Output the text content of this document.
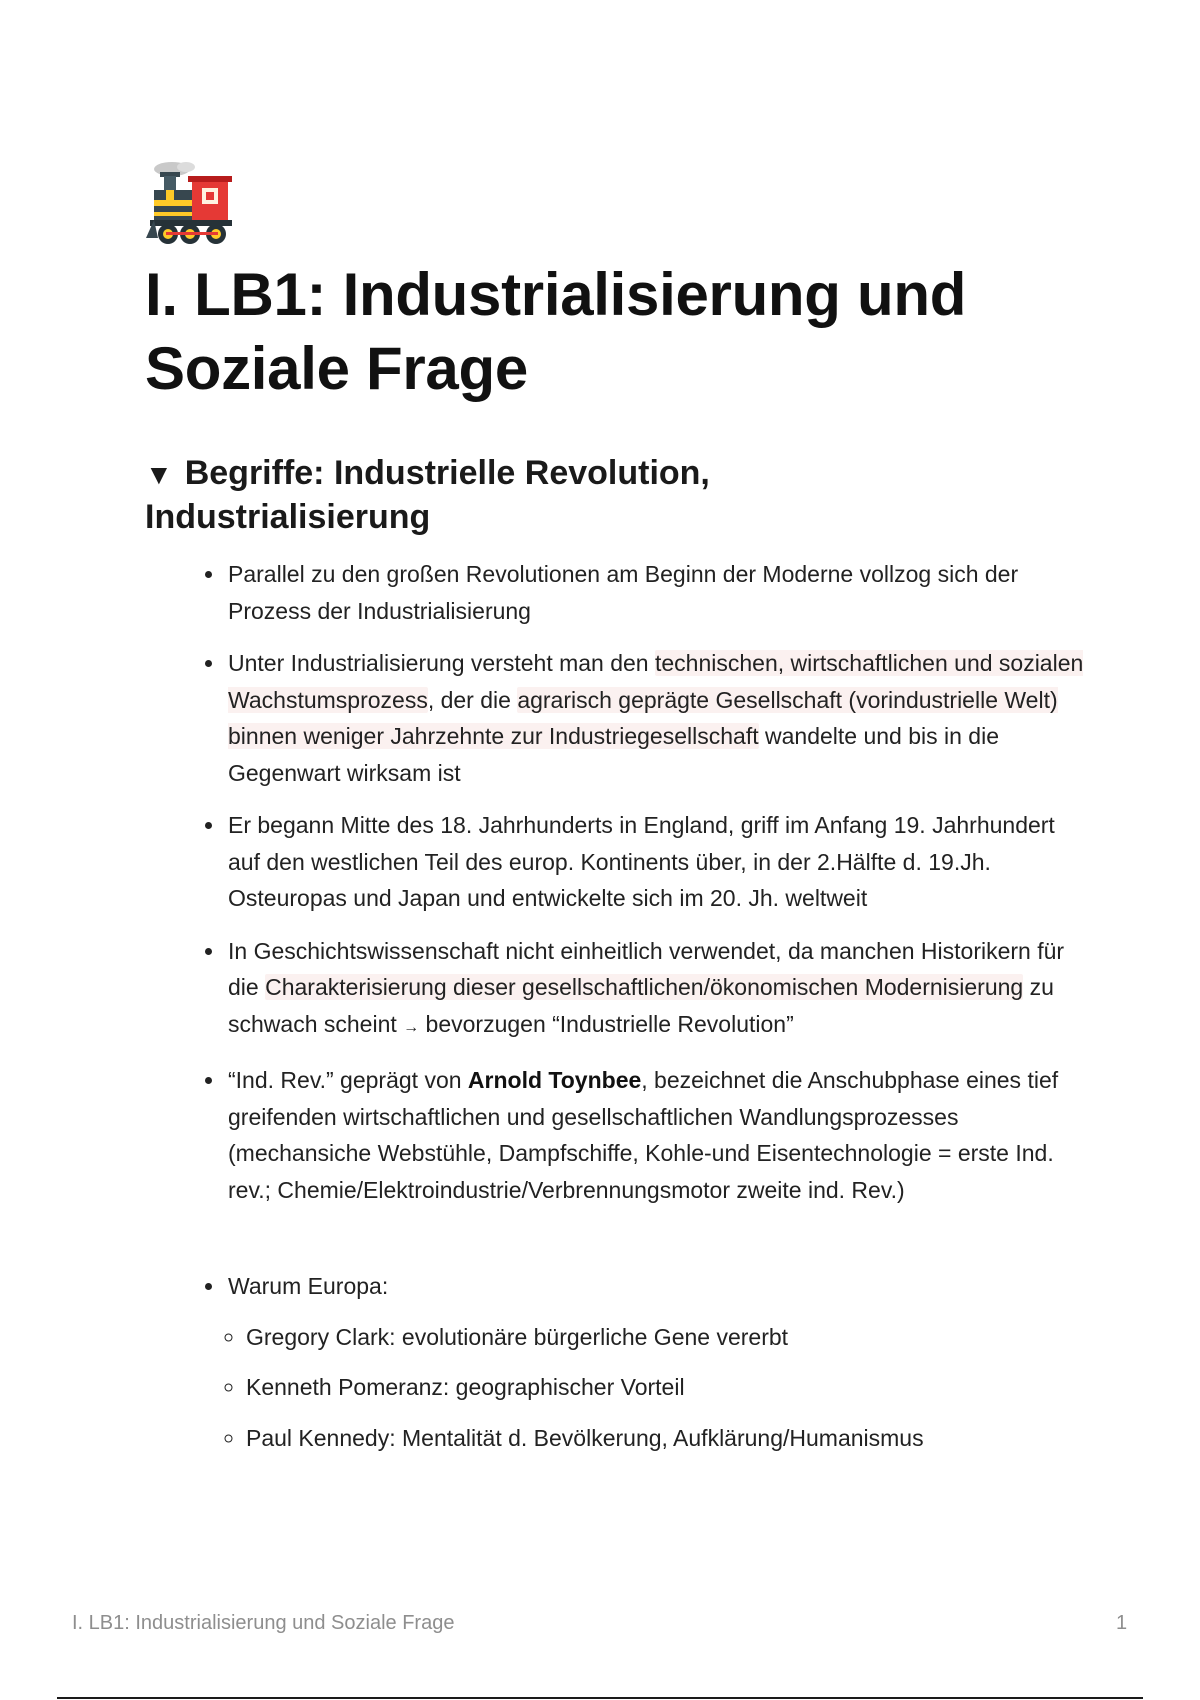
I. LB1: Industrialisierung und Soziale Frage
▼ Begriffe: Industrielle Revolution, Industrialisierung
• Parallel zu den großen Revolutionen am Beginn der Moderne vollzog sich der Prozess der Industrialisierung
• Unter Industrialisierung versteht man den technischen, wirtschaftlichen und sozialen Wachstumsprozess, der die agrarisch geprägte Gesellschaft (vorindustrielle Welt) binnen weniger Jahrzehnte zur Industriegesellschaft wandelte und bis in die Gegenwart wirksam ist
• Er begann Mitte des 18. Jahrhunderts in England, griff im Anfang 19. Jahrhundert auf den westlichen Teil des europ. Kontinents über, in der 2.Hälfte d. 19.Jh. Osteuropas und Japan und entwickelte sich im 20. Jh. weltweit
• In Geschichtswissenschaft nicht einheitlich verwendet, da manchen Historikern für die Charakterisierung dieser gesellschaftlichen/ökonomischen Modernisierung zu schwach scheint → bevorzugen “Industrielle Revolution”
• “Ind. Rev.” geprägt von Arnold Toynbee, bezeichnet die Anschubphase eines tief greifenden wirtschaftlichen und gesellschaftlichen Wandlungsprozesses (mechansiche Webstühle, Dampfschiffe, Kohle-und Eisentechnologie = erste Ind. rev.; Chemie/Elektroindustrie/Verbrennungsmotor zweite ind. Rev.)
• Warum Europa:
◦ Gregory Clark: evolutionäre bürgerliche Gene vererbt
◦ Kenneth Pomeranz: geographischer Vorteil
◦ Paul Kennedy: Mentalität d. Bevölkerung, Aufklärung/Humanismus
I. LB1: Industrialisierung und Soziale Frage	1
